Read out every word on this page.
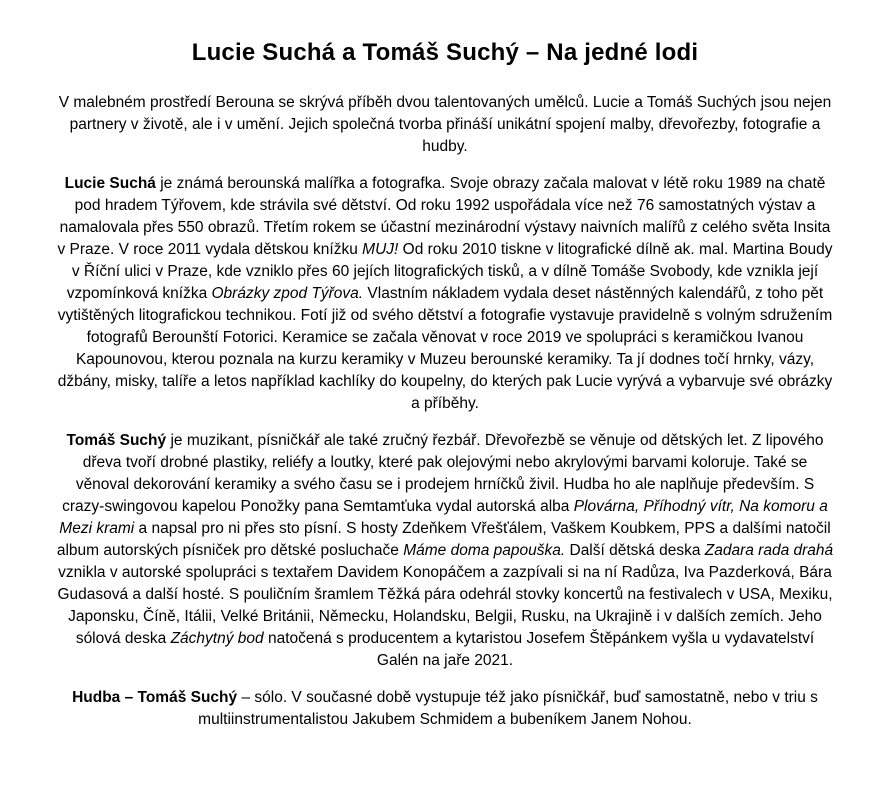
Lucie Suchá a Tomáš Suchý – Na jedné lodi

V malebném prostředí Berouna se skrývá příběh dvou talentovaných umělců. Lucie a Tomáš Suchých jsou nejen partnery v životě, ale i v umění. Jejich společná tvorba přináší unikátní spojení malby, dřevořezby, fotografie a hudby.

Lucie Suchá je známá berounská malířka a fotografka. Svoje obrazy začala malovat v létě roku 1989 na chatě pod hradem Týřovem, kde strávila své dětství. Od roku 1992 uspořádala více než 76 samostatných výstav a namalovala přes 550 obrazů. Třetím rokem se účastní mezinárodní výstavy naivních malířů z celého světa Insita v Praze. V roce 2011 vydala dětskou knížku MUJ! Od roku 2010 tiskne v litografické dílně ak. mal. Martina Boudy v Říční ulici v Praze, kde vzniklo přes 60 jejích litografických tisků, a v dílně Tomáše Svobody, kde vznikla její vzpomínková knížka Obrázky zpod Týřova. Vlastním nákladem vydala deset nástěnných kalendářů, z toho pět vytištěných litografickou technikou. Fotí již od svého dětství a fotografie vystavuje pravidelně s volným sdružením fotografů Berounští Fotorici. Keramice se začala věnovat v roce 2019 ve spolupráci s keramičkou Ivanou Kapounovou, kterou poznala na kurzu keramiky v Muzeu berounské keramiky. Ta jí dodnes točí hrnky, vázy, džbány, misky, talíře a letos například kachlíky do koupelny, do kterých pak Lucie vyrývá a vybarvuje své obrázky a příběhy.

Tomáš Suchý je muzikant, písničkář ale také zručný řezbář. Dřevořezbě se věnuje od dětských let. Z lipového dřeva tvoří drobné plastiky, reliéfy a loutky, které pak olejovými nebo akrylovými barvami koloruje. Také se věnoval dekorování keramiky a svého času se i prodejem hrníčků živil. Hudba ho ale naplňuje především. S crazy-swingovou kapelou Ponožky pana Semtamťuka vydal autorská alba Plovárna, Příhodný vítr, Na komoru a Mezi krami a napsal pro ni přes sto písní. S hosty Zdeňkem Vřešťálem, Vaškem Koubkem, PPS a dalšími natočil album autorských písniček pro dětské posluchače Máme doma papouška. Další dětská deska Zadara rada drahá vznikla v autorské spolupráci s textařem Davidem Konopáčem a zazpívali si na ní Radůza, Iva Pazderková, Bára Gudasová a další hosté. S pouličním šramlem Těžká pára odehrál stovky koncertů na festivalech v USA, Mexiku, Japonsku, Číně, Itálii, Velké Británii, Německu, Holandsku, Belgii, Rusku, na Ukrajině i v dalších zemích. Jeho sólová deska Záchytný bod natočená s producentem a kytaristou Josefem Štěpánkem vyšla u vydavatelství Galén na jaře 2021.

Hudba – Tomáš Suchý – sólo. V současné době vystupuje též jako písničkář, buď samostatně, nebo v triu s multiinstrumentalistou Jakubem Schmidem a bubeníkem Janem Nohou.
